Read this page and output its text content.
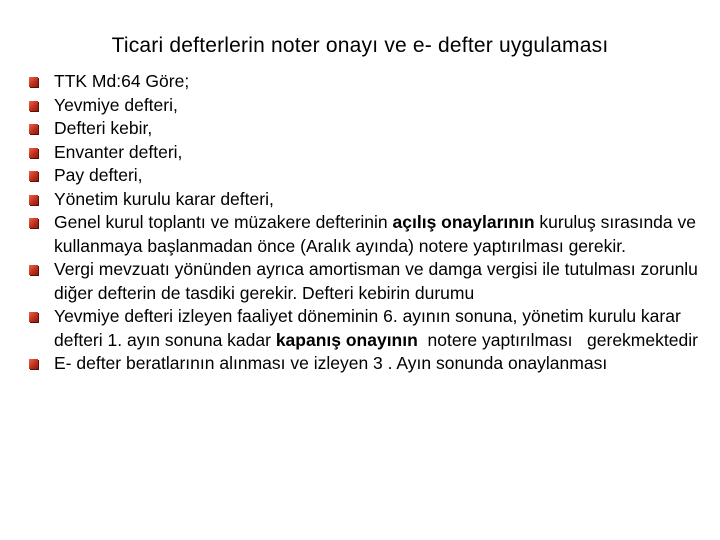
Ticari defterlerin noter onayı ve e- defter uygulaması
TTK Md:64 Göre;
Yevmiye defteri,
Defteri kebir,
Envanter defteri,
Pay defteri,
Yönetim kurulu karar defteri,
Genel kurul toplantı ve müzakere defterinin açılış onaylarının kuruluş sırasında ve kullanmaya başlanmadan önce (Aralık ayında) notere yaptırılması gerekir.
Vergi mevzuatı yönünden ayrıca amortisman ve damga vergisi ile tutulması zorunlu diğer defterin de tasdiki gerekir. Defteri kebirin durumu
Yevmiye defteri izleyen faaliyet döneminin 6. ayının sonuna, yönetim kurulu karar defteri 1. ayın sonuna kadar kapanış onayının  notere yaptırılması   gerekmektedir
E- defter beratlarının alınması ve izleyen 3 . Ayın sonunda onaylanması
